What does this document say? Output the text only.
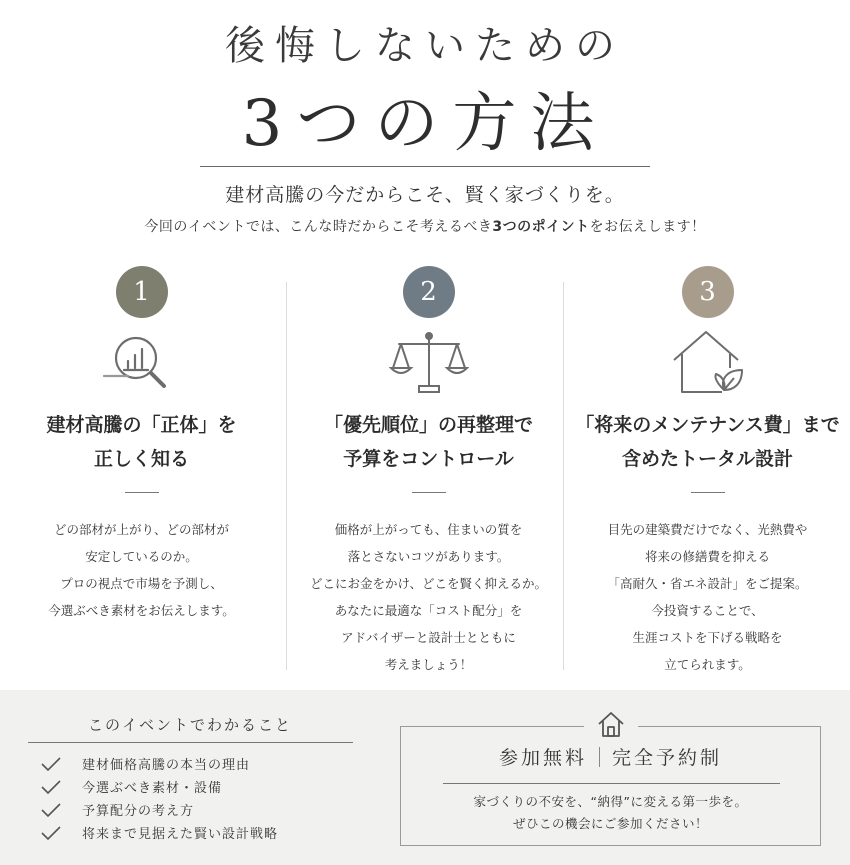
後悔しないための
3つの方法
建材高騰の今だからこそ、賢く家づくりを。
今回のイベントでは、こんな時だからこそ考えるべき3つのポイントをお伝えします！
1
建材高騰の「正体」を
正しく知る
どの部材が上がり、どの部材が
安定しているのか。
プロの視点で市場を予測し、
今選ぶべき素材をお伝えします。
2
「優先順位」の再整理で
予算をコントロール
価格が上がっても、住まいの質を
落とさないコツがあります。
どこにお金をかけ、どこを賢く抑えるか。
あなたに最適な「コスト配分」を
アドバイザーと設計士とともに
考えましょう！
3
「将来のメンテナンス費」まで
含めたトータル設計
目先の建築費だけでなく、光熱費や
将来の修繕費を抑える
「高耐久・省エネ設計」をご提案。
今投資することで、
生涯コストを下げる戦略を
立てられます。
このイベントでわかること
建材価格高騰の本当の理由
今選ぶべき素材・設備
予算配分の考え方
将来まで見据えた賢い設計戦略
参加無料 完全予約制
家づくりの不安を、“納得”に変える第一歩を。
ぜひこの機会にご参加ください！
